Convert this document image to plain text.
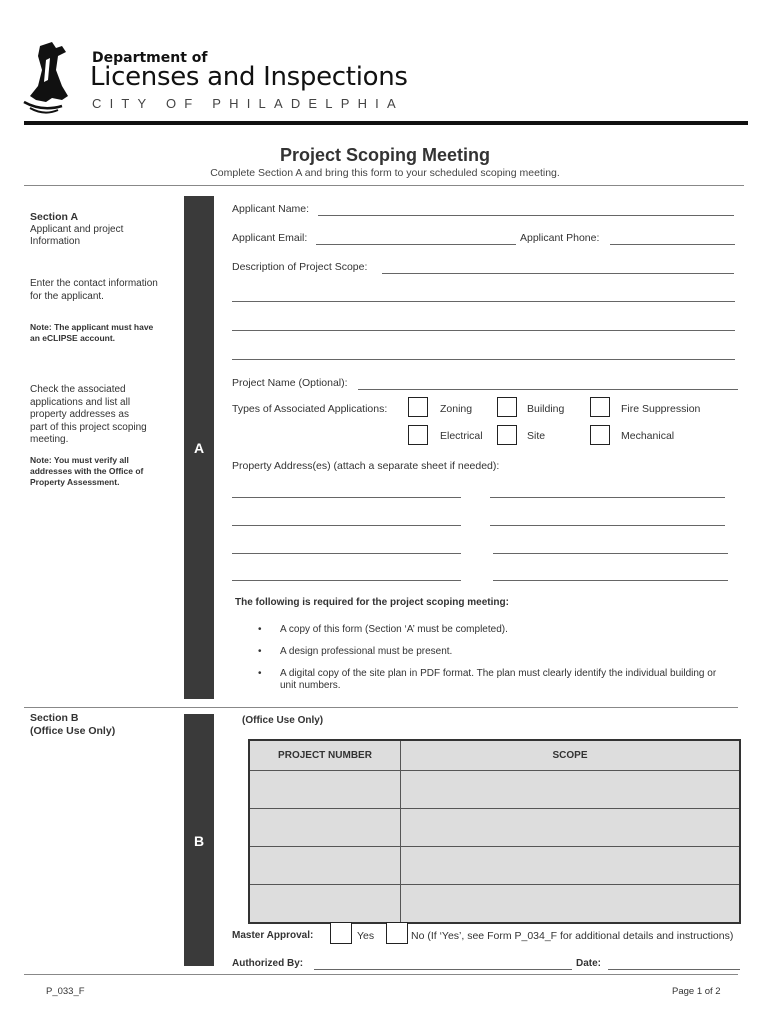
Department of
Licenses and Inspections
CITY OF PHILADELPHIA
Project Scoping Meeting
Complete Section A and bring this form to your scheduled scoping meeting.
Section A
Applicant and project Information
Enter the contact information for the applicant.
Note: The applicant must have an eCLIPSE account.
Check the associated applications and list all property addresses as part of this project scoping meeting.
Note: You must verify all addresses with the Office of Property Assessment.
A
Applicant Name:
Applicant Email:	Applicant Phone:
Description of Project Scope:
Project Name (Optional):
Types of Associated Applications:	Zoning	Building	Fire Suppression
Electrical	Site	Mechanical
Property Address(es) (attach a separate sheet if needed):
The following is required for the project scoping meeting:
• A copy of this form (Section ‘A’ must be completed).
• A design professional must be present.
• A digital copy of the site plan in PDF format. The plan must clearly identify the individual building or unit numbers.
Section B
(Office Use Only)
B
(Office Use Only)
PROJECT NUMBER	SCOPE

Master Approval:	Yes	No (If ‘Yes’, see Form P_034_F for additional details and instructions)
Authorized By:	Date:
P_033_F	Page 1 of 2
